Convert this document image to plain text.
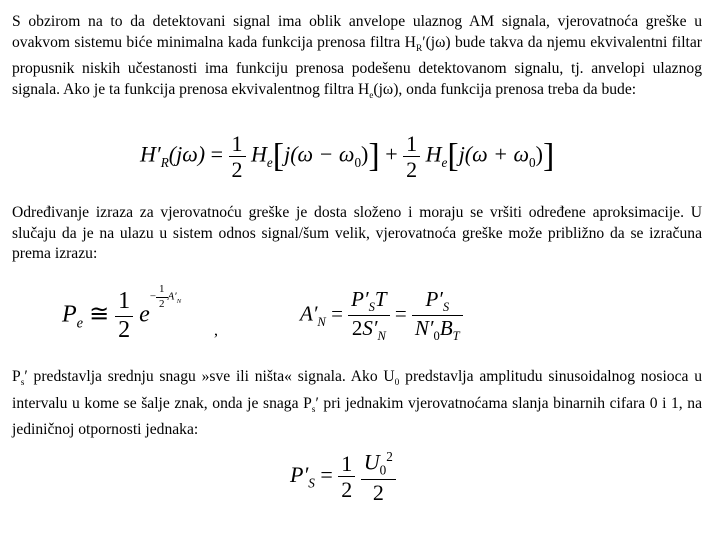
S obzirom na to da detektovani signal ima oblik anvelope ulaznog AM signala, vjerovatnoća greške u ovakvom sistemu biće minimalna kada funkcija prenosa filtra $H_R'(j\omega)$ bude takva da njemu ekvivalentni filtar propusnik niskih učestanosti ima funkciju prenosa podešenu detektovanom signalu, tj. anvelopi ulaznog signala. Ako je ta funkcija prenosa ekvivalentnog filtra $H_e(j\omega)$, onda funkcija prenosa treba da bude:
$H'_R(j\omega) = \frac{1}{2} H_e[j(\omega - \omega_0)] + \frac{1}{2} H_e[j(\omega + \omega_0)]$
Određivanje izraza za vjerovatnoću greške je dosta složeno i moraju se vršiti određene aproksimacije. U slučaju da je na ulazu u sistem odnos signal/šum velik, vjerovatnoća greške može približno da se izračuna prema izrazu:
$P_e$ ≅ $\frac{1}{2} e- \frac{1}{2} A'_N$
,
$A'_N = \frac{P'_ST}{2S'_N} = \frac{P'_S}{N'_0B_T}$
$P_s'$ predstavlja srednju snagu »sve ili ništa« signala. Ako $U_0$ predstavlja amplitudu sinusoidalnog nosioca u intervalu u kome se šalje znak, onda je snaga $P_s'$ pri jednakim vjerovatnoćama slanja binarnih cifara 0 i 1, na jediničnoj otpornosti jednaka:
$P'_S = \frac{1}{2}$
$\frac{U_0^2}{2}$
